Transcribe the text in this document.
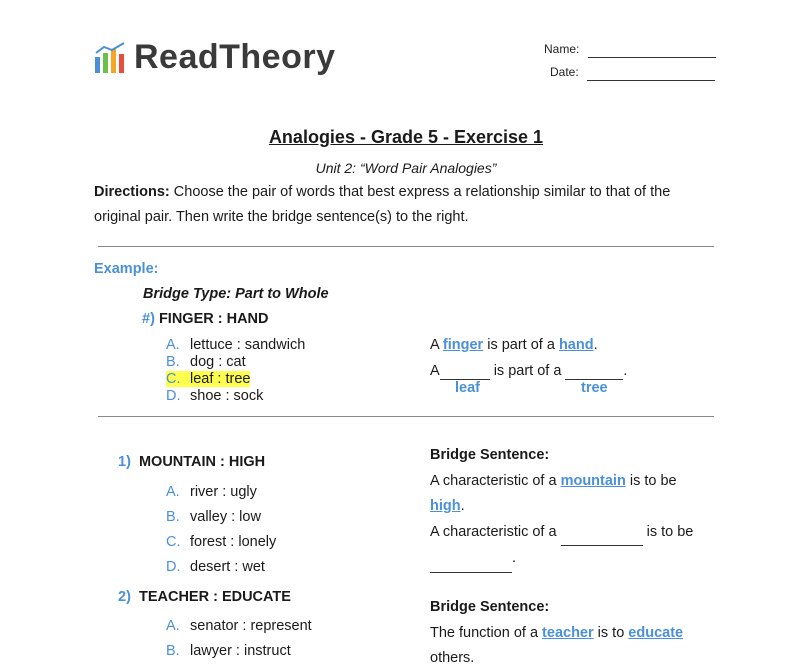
ReadTheory	Name:
Date:
Analogies - Grade 5 - Exercise 1
Unit 2: “Word Pair Analogies”
Directions: Choose the pair of words that best express a relationship similar to that of the original pair. Then write the bridge sentence(s) to the right.
Example:
Bridge Type: Part to Whole
#) FINGER : HAND
A. lettuce : sandwich
B. dog : cat
C. leaf : tree
D. shoe : sock
A finger is part of a hand.
A	is part of a	.
leaf	tree
1) MOUNTAIN : HIGH
A. river : ugly
B. valley : low
C. forest : lonely
D. desert : wet
Bridge Sentence:
A characteristic of a mountain is to be
high.
A characteristic of a	is to be
.
2) TEACHER : EDUCATE
A. senator : represent
B. lawyer : instruct
Bridge Sentence:
The function of a teacher is to educate
others.
